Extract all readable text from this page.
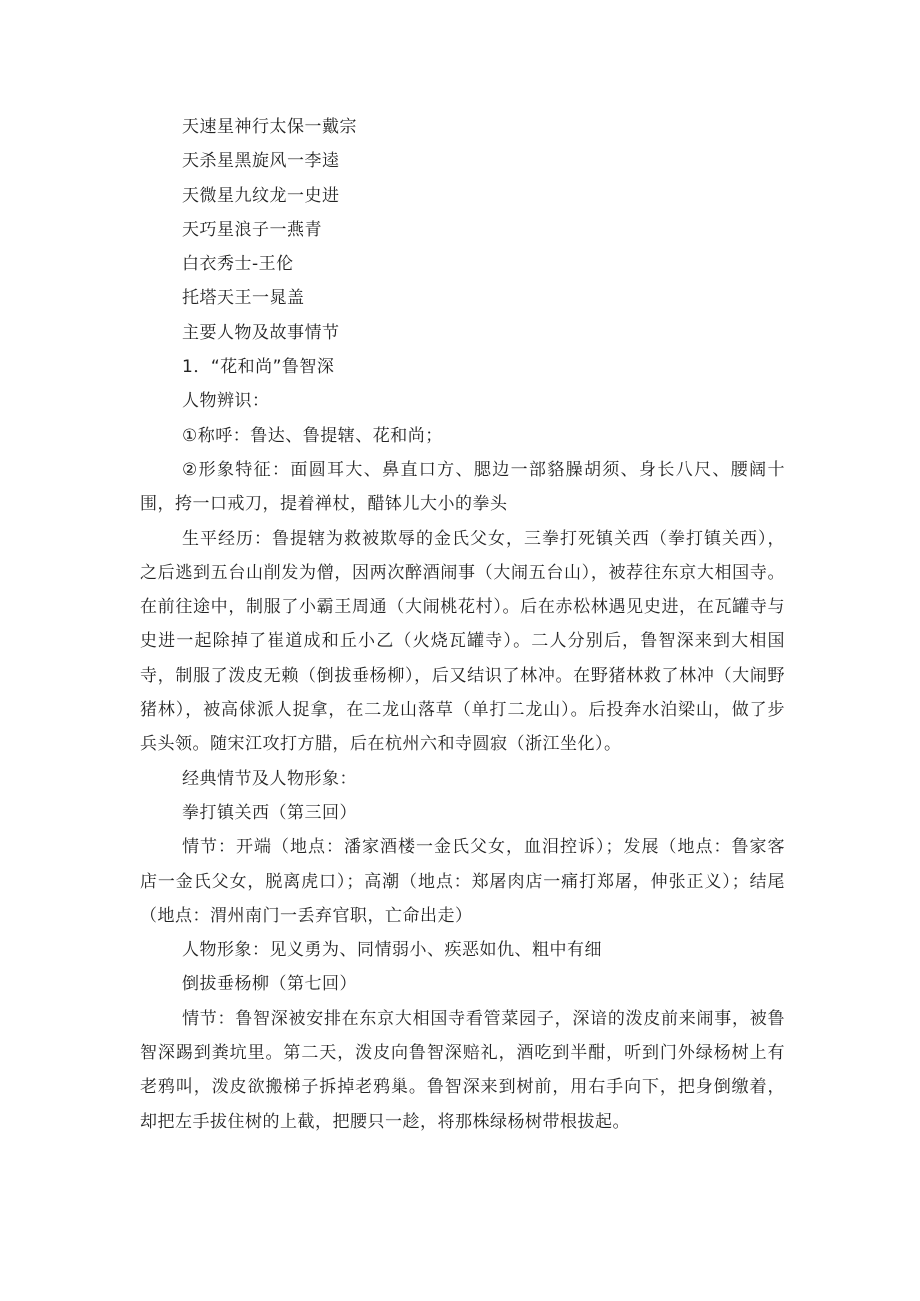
天速星神行太保一戴宗

天杀星黑旋风一李逵

天微星九纹龙一史进

天巧星浪子一燕青

白衣秀士-王伦

托塔天王一晁盖

主要人物及故事情节

1．“花和尚”鲁智深

人物辨识：

①称呼：鲁达、鲁提辖、花和尚；

②形象特征：面圆耳大、鼻直口方、腮边一部貉臊胡须、身长八尺、腰阔十围，挎一口戒刀，提着禅杖，醋钵儿大小的拳头

生平经历：鲁提辖为救被欺辱的金氏父女，三拳打死镇关西（拳打镇关西），之后逃到五台山削发为僧，因两次醉酒闹事（大闹五台山），被荐往东京大相国寺。在前往途中，制服了小霸王周通（大闹桃花村）。后在赤松林遇见史进，在瓦罐寺与史进一起除掉了崔道成和丘小乙（火烧瓦罐寺）。二人分别后，鲁智深来到大相国寺，制服了泼皮无赖（倒拔垂杨柳），后又结识了林冲。在野猪林救了林冲（大闹野猪林），被高俅派人捉拿，在二龙山落草（单打二龙山）。后投奔水泊梁山，做了步兵头领。随宋江攻打方腊，后在杭州六和寺圆寂（浙江坐化）。

经典情节及人物形象：

拳打镇关西（第三回）

情节：开端（地点：潘家酒楼一金氏父女，血泪控诉）；发展（地点：鲁家客店一金氏父女，脱离虎口）；高潮（地点：郑屠肉店一痛打郑屠，伸张正义）；结尾（地点：渭州南门一丢弃官职，亡命出走）

人物形象：见义勇为、同情弱小、疾恶如仇、粗中有细

倒拔垂杨柳（第七回）

情节：鲁智深被安排在东京大相国寺看管菜园子，深谙的泼皮前来闹事，被鲁智深踢到粪坑里。第二天，泼皮向鲁智深赔礼，酒吃到半酣，听到门外绿杨树上有老鸦叫，泼皮欲搬梯子拆掉老鸦巢。鲁智深来到树前，用右手向下，把身倒缴着，却把左手拔住树的上截，把腰只一趁，将那株绿杨树带根拔起。
